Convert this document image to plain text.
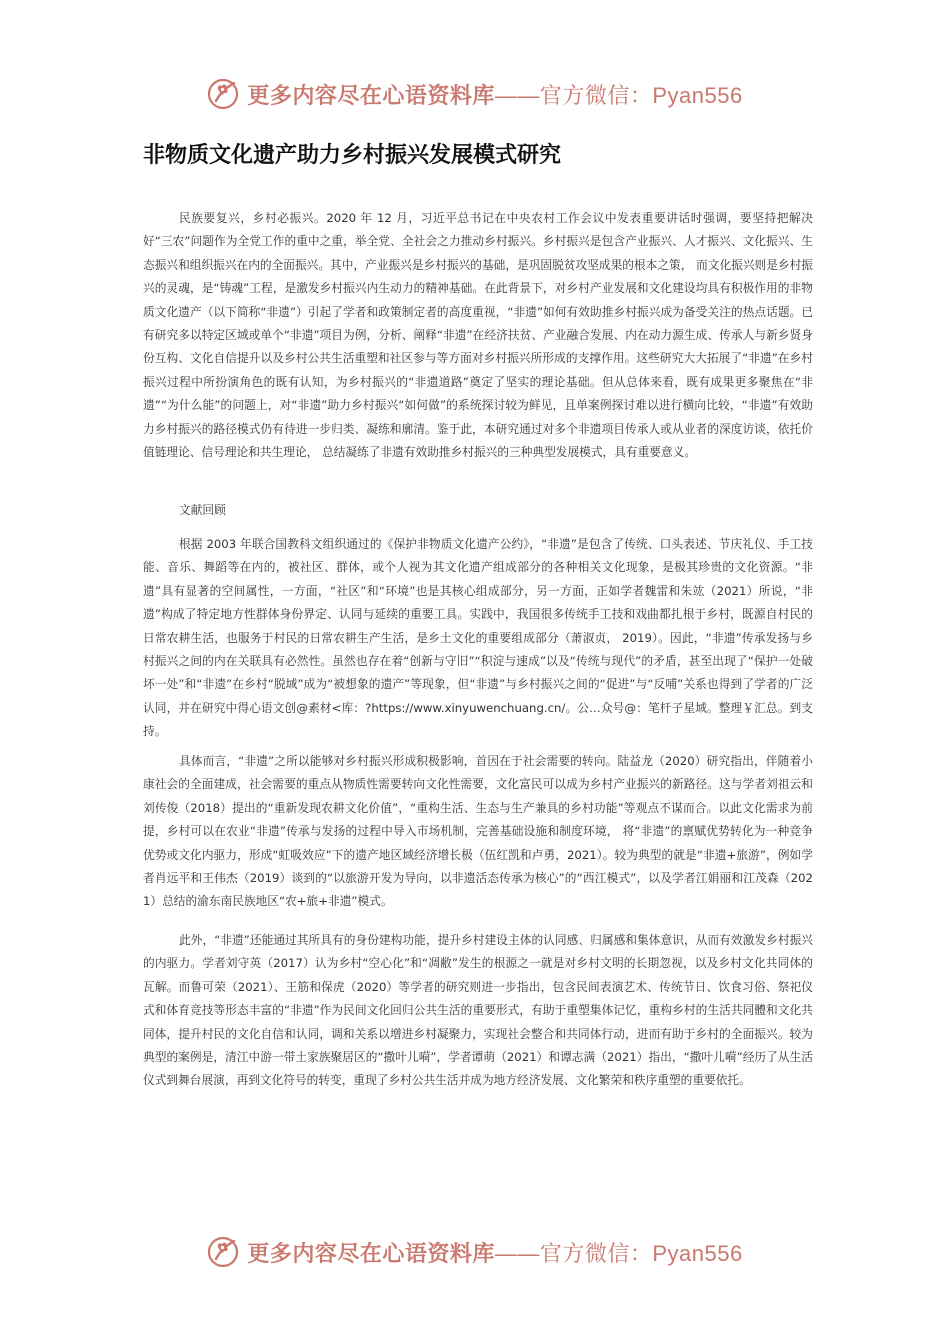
更多内容尽在心语资料库——官方微信：Pyan556
非物质文化遗产助力乡村振兴发展模式研究

民族要复兴，乡村必振兴。2020 年 12 月，习近平总书记在中央农村工作会议中发表重要讲话时强调，要坚持把解决好“三农”问题作为全党工作的重中之重，举全党、全社会之力推动乡村振兴。乡村振兴是包含产业振兴、人才振兴、文化振兴、生态振兴和组织振兴在内的全面振兴。其中，产业振兴是乡村振兴的基础，是巩固脱贫攻坚成果的根本之策， 而文化振兴则是乡村振兴的灵魂，是“铸魂”工程，是激发乡村振兴内生动力的精神基础。在此背景下，对乡村产业发展和文化建设均具有积极作用的非物质文化遗产（以下简称“非遗”）引起了学者和政策制定者的高度重视，“非遗”如何有效助推乡村振兴成为备受关注的热点话题。已有研究多以特定区域或单个“非遗”项目为例，分析、阐释“非遗”在经济扶贫、产业融合发展、内在动力源生成、传承人与新乡贤身份互构、文化自信提升以及乡村公共生活重塑和社区参与等方面对乡村振兴所形成的支撑作用。这些研究大大拓展了“非遗”在乡村振兴过程中所扮演角色的既有认知，为乡村振兴的“非遗道路”奠定了坚实的理论基础。但从总体来看，既有成果更多聚焦在“非遗”“为什么能”的问题上，对“非遗”助力乡村振兴“如何做”的系统探讨较为鲜见，且单案例探讨难以进行横向比较，“非遗”有效助力乡村振兴的路径模式仍有待进一步归类、凝练和廓清。鉴于此，本研究通过对多个非遗项目传承人或从业者的深度访谈，依托价值链理论、信号理论和共生理论， 总结凝练了非遗有效助推乡村振兴的三种典型发展模式，具有重要意义。

文献回顾

根据 2003 年联合国教科文组织通过的《保护非物质文化遗产公约》，“非遗”是包含了传统、口头表述、节庆礼仪、手工技能、音乐、舞蹈等在内的，被社区、群体，或个人视为其文化遗产组成部分的各种相关文化现象，是极其珍贵的文化资源。“非遗”具有显著的空间属性，一方面，“社区”和“环境”也是其核心组成部分，另一方面，正如学者魏雷和朱竑（2021）所说，“非遗”构成了特定地方性群体身份界定、认同与延续的重要工具。实践中，我国很多传统手工技和戏曲都扎根于乡村，既源自村民的日常农耕生活，也服务于村民的日常农耕生产生活，是乡土文化的重要组成部分（萧淑贞， 2019）。因此，“非遗”传承发扬与乡村振兴之间的内在关联具有必然性。虽然也存在着“创新与守旧”“积淀与速成”以及“传统与现代”的矛盾，甚至出现了“保护一处破坏一处”和“非遗”在乡村“脱域”成为“被想象的遗产”等现象，但“非遗”与乡村振兴之间的“促进”与“反哺”关系也得到了学者的广泛认同，并在研究中得心语文创@素材<库：?https://www.xinyuwenchuang.cn/。公…众号@：笔杆子星域。整理￥汇总。到支持。

具体而言，“非遗”之所以能够对乡村振兴形成积极影响，首因在于社会需要的转向。陆益龙（2020）研究指出，伴随着小康社会的全面建成，社会需要的重点从物质性需要转向文化性需要，文化富民可以成为乡村产业振兴的新路径。这与学者刘祖云和刘传俊（2018）提出的“重新发现农耕文化价值”，“重构生活、生态与生产兼具的乡村功能”等观点不谋而合。以此文化需求为前提，乡村可以在农业“非遗”传承与发扬的过程中导入市场机制，完善基础设施和制度环境， 将“非遗”的禀赋优势转化为一种竞争优势或文化内驱力，形成“虹吸效应”下的遗产地区域经济增长极（伍红凯和卢勇，2021）。较为典型的就是“非遗+旅游”，例如学者肖远平和王伟杰（2019）谈到的“以旅游开发为导向，以非遗活态传承为核心”的“西江模式”，以及学者江娟丽和江茂森（2021）总结的渝东南民族地区“农+旅+非遗”模式。

此外，“非遗”还能通过其所具有的身份建构功能，提升乡村建设主体的认同感、归属感和集体意识，从而有效激发乡村振兴的内驱力。学者刘守英（2017）认为乡村“空心化”和“凋敝”发生的根源之一就是对乡村文明的长期忽视，以及乡村文化共同体的瓦解。而鲁可荣（2021）、王筋和保虎（2020）等学者的研究则进一步指出，包含民间表演艺术、传统节日、饮食习俗、祭祀仪式和体育竞技等形态丰富的“非遗”作为民间文化回归公共生活的重要形式，有助于重塑集体记忆，重构乡村的生活共同體和文化共同体，提升村民的文化自信和认同，调和关系以增进乡村凝聚力，实现社会整合和共同体行动，进而有助于乡村的全面振兴。较为典型的案例是，清江中游一带土家族聚居区的“撒叶儿嗬”，学者谭萌（2021）和谭志满（2021）指出，“撒叶儿嗬”经历了从生活仪式到舞台展演，再到文化符号的转变，重现了乡村公共生活并成为地方经济发展、文化繁荣和秩序重塑的重要依托。

更多内容尽在心语资料库——官方微信：Pyan556
